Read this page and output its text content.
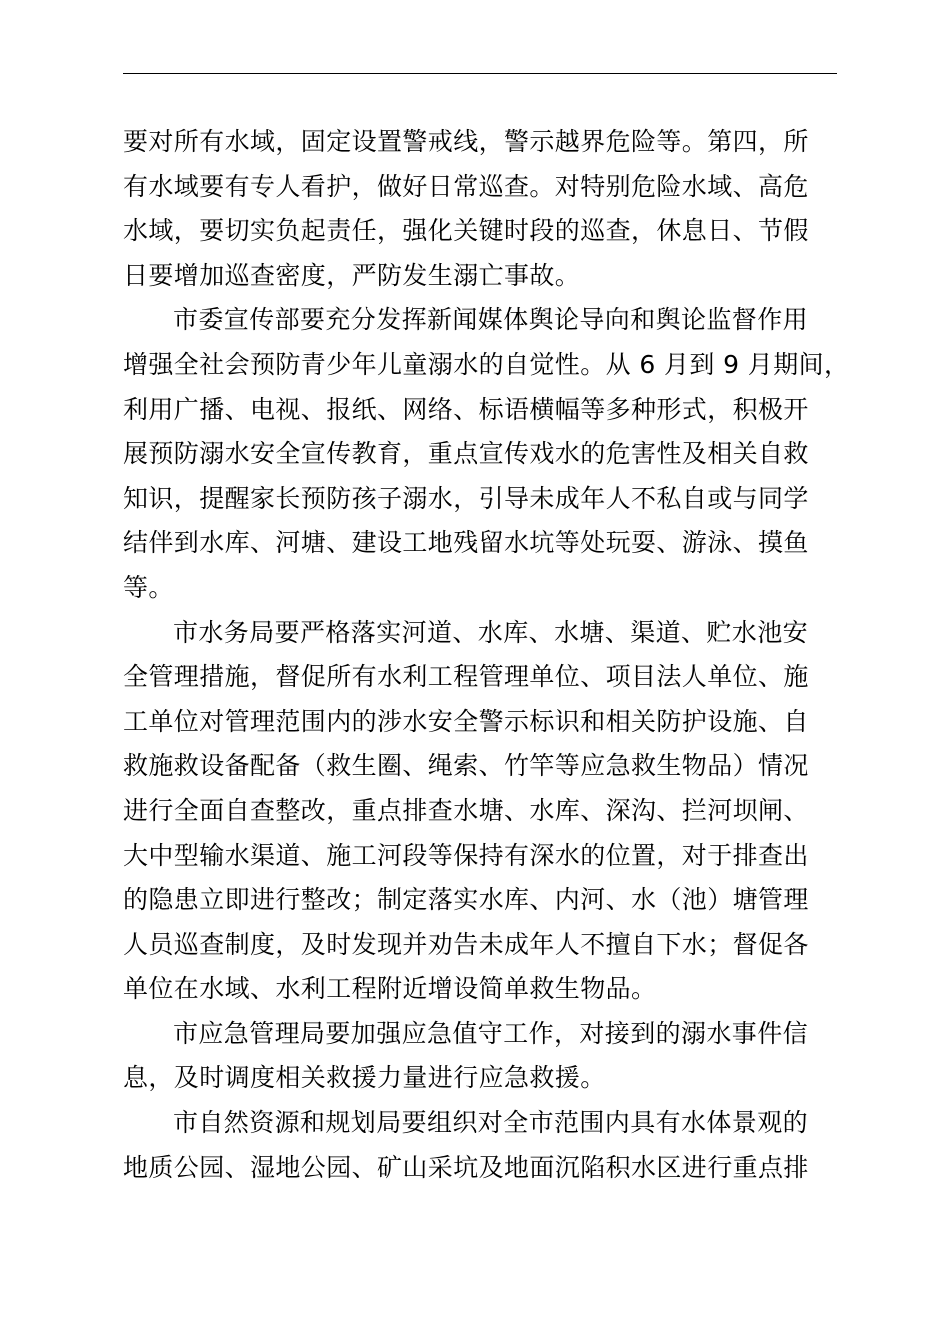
要对所有水域，固定设置警戒线，警示越界危险等。第四，所
有水域要有专人看护，做好日常巡查。对特别危险水域、高危
水域，要切实负起责任，强化关键时段的巡查，休息日、节假
日要增加巡查密度，严防发生溺亡事故。
市委宣传部要充分发挥新闻媒体舆论导向和舆论监督作用
增强全社会预防青少年儿童溺水的自觉性。从 6 月到 9 月期间，
利用广播、电视、报纸、网络、标语横幅等多种形式，积极开
展预防溺水安全宣传教育，重点宣传戏水的危害性及相关自救
知识，提醒家长预防孩子溺水，引导未成年人不私自或与同学
结伴到水库、河塘、建设工地残留水坑等处玩耍、游泳、摸鱼
等。
市水务局要严格落实河道、水库、水塘、渠道、贮水池安
全管理措施，督促所有水利工程管理单位、项目法人单位、施
工单位对管理范围内的涉水安全警示标识和相关防护设施、自
救施救设备配备（救生圈、绳索、竹竿等应急救生物品）情况
进行全面自查整改，重点排查水塘、水库、深沟、拦河坝闸、
大中型输水渠道、施工河段等保持有深水的位置，对于排查出
的隐患立即进行整改；制定落实水库、内河、水（池）塘管理
人员巡查制度，及时发现并劝告未成年人不擅自下水；督促各
单位在水域、水利工程附近增设简单救生物品。
市应急管理局要加强应急值守工作，对接到的溺水事件信
息，及时调度相关救援力量进行应急救援。
市自然资源和规划局要组织对全市范围内具有水体景观的
地质公园、湿地公园、矿山采坑及地面沉陷积水区进行重点排
